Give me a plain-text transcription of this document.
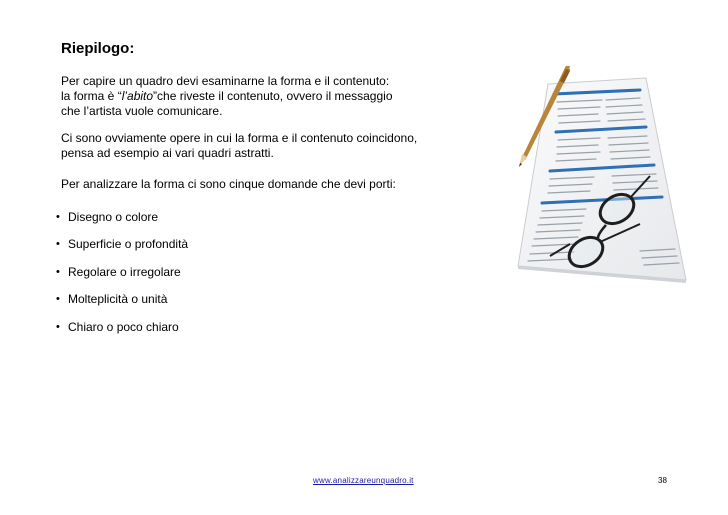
Riepilogo:

Per capire un quadro devi esaminarne la forma e il contenuto:
la forma è “l’abito”che riveste il contenuto, ovvero il messaggio
che l’artista vuole comunicare.

Ci sono ovviamente opere in cui la forma e il contenuto coincidono,
pensa ad esempio ai vari quadri astratti.

Per analizzare la forma ci sono cinque domande che devi porti:

• Disegno o colore
• Superficie o profondità
• Regolare o irregolare
• Molteplicità o unità
• Chiaro o poco chiaro
www.analizzareunquadro.it	38
